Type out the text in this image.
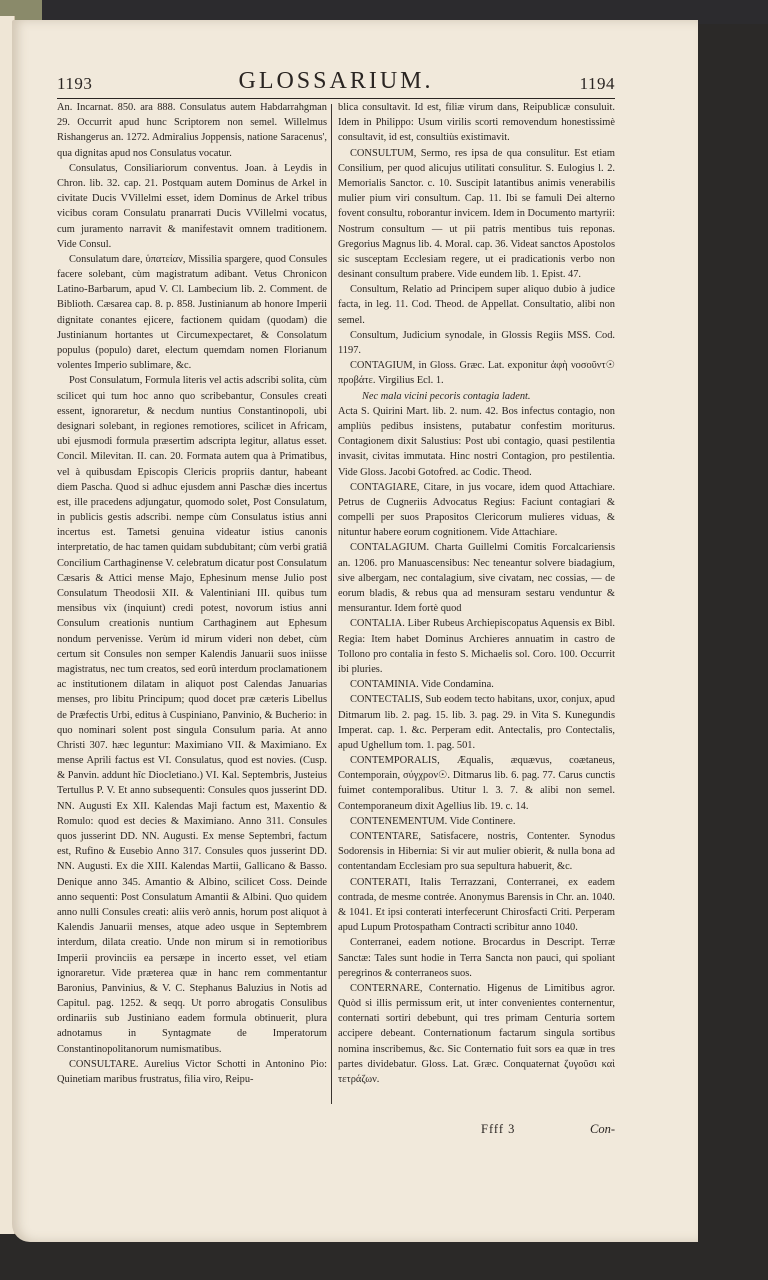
1193	GLOSSARIUM.	1194

An. Incarnat. 850. ara 888. Consulatus autem Habdarrahgman 29. Occurrit apud hunc Scriptorem non semel. Willelmus Rishangerus an. 1272. Admiralius Joppensis, natione Saracenus', qua dignitas apud nos Consulatus vocatur.

Consulatus, Consiliariorum conventus. Joan. à Leydis in Chron. lib. 32. cap. 21. Postquam autem Dominus de Arkel in civitate Ducis VVillelmi esset, idem Dominus de Arkel tribus vicibus coram Consulatu pranarrati Ducis VVillelmi vocatus, cum juramento narravit & manifestavit omnem traditionem. Vide Consul.

Consulatum dare, ὑπατείαν, Missilia spargere, quod Consules facere solebant, cùm magistratum adibant. Vetus Chronicon Latino-Barbarum, apud V. Cl. Lambecium lib. 2. Comment. de Biblioth. Cæsarea cap. 8. p. 858. Justinianum ab honore Imperii dignitate conantes ejicere, factionem quidam (quodam) die Justinianum hortantes ut Circumexpectaret, & Consolatum populus (populo) daret, electum quemdam nomen Florianum volentes Imperio sublimare, &c.

Post Consulatum, Formula literis vel actis adscribi solita, cùm scilicet qui tum hoc anno quo scribebantur, Consules creati essent, ignoraretur, & necdum nuntius Constantinopoli, ubi designari solebant, in regiones remotiores, scilicet in Africam, ubi ejusmodi formula præsertim adscripta legitur, allatus esset. Concil. Milevitan. II. can. 20. Formata autem qua à Primatibus, vel à quibusdam Episcopis Clericis propriis dantur, habeant diem Pascha. Quod si adhuc ejusdem anni Paschæ dies incertus est, ille pracedens adjungatur, quomodo solet, Post Consulatum, in publicis gestis adscribi. nempe cùm Consulatus istius anni incertus est. Tametsi genuina videatur istius canonis interpretatio, de hac tamen quidam subdubitant; cùm verbi gratiâ Concilium Carthaginense V. celebratum dicatur post Consulatum Cæsaris & Attici mense Majo, Ephesinum mense Julio post Consulatum Theodosii XII. & Valentiniani III. quibus tum mensibus vix (inquiunt) credi potest, novorum istius anni Consulum creationis nuntium Carthaginem aut Ephesum nondum pervenisse. Verùm id mirum videri non debet, cùm certum sit Consules non semper Kalendis Januarii suos iniisse magistratus, nec tum creatos, sed eorû interdum proclamationem ac institutionem dilatam in aliquot post Calendas Januarias menses, pro libitu Principum; quod docet præ cæteris Libellus de Præfectis Urbi, editus à Cuspiniano, Panvinio, & Bucherio: in quo nominari solent post singula Consulum paria. At anno Christi 307. hæc leguntur: Maximiano VII. & Maximiano. Ex mense Aprili factus est VI. Consulatus, quod est novies. (Cusp. & Panvin. addunt hîc Diocletiano.) VI. Kal. Septembris, Justeius Tertullus P. V. Et anno subsequenti: Consules quos jusserint DD. NN. Augusti Ex XII. Kalendas Maji factum est, Maxentio & Romulo: quod est decies & Maximiano. Anno 311. Consules quos jusserint DD. NN. Augusti. Ex mense Septembri, factum est, Rufino & Eusebio Anno 317. Consules quos jusserint DD. NN. Augusti. Ex die XIII. Kalendas Martii, Gallicano & Basso. Denique anno 345. Amantio & Albino, scilicet Coss. Deinde anno sequenti: Post Consulatum Amantii & Albini. Quo quidem anno nulli Consules creati: aliis verò annis, horum post aliquot à Kalendis Januarii menses, atque adeo usque in Septembrem interdum, dilata creatio. Unde non mirum si in remotioribus Imperii provinciis ea persæpe in incerto esset, vel etiam ignoraretur. Vide præterea quæ in hanc rem commentantur Baronius, Panvinius, & V. C. Stephanus Baluzius in Notis ad Capitul. pag. 1252. & seqq. Ut porro abrogatis Consulibus ordinariis sub Justiniano eadem formula obtinuerit, plura adnotamus in Syntagmate de Imperatorum Constantinopolitanorum numismatibus.

CONSULTARE. Aurelius Victor Schotti in Antonino Pio: Quinetiam maribus frustratus, filia viro, Reipu-

blica consultavit. Id est, filiæ virum dans, Reipublicæ consuluit. Idem in Philippo: Usum virilis scorti removendum honestissimè consultavit, id est, consultiùs existimavit.

CONSULTUM, Sermo, res ipsa de qua consulitur. Est etiam Consilium, per quod alicujus utilitati consulitur. S. Eulogius l. 2. Memorialis Sanctor. c. 10. Suscipit latantibus animis venerabilis mulier pium viri consultum. Cap. 11. Ibi se famuli Dei alterno fovent consultu, roborantur invicem. Idem in Documento martyrii: Nostrum consultum — ut pii patris mentibus tuis reponas. Gregorius Magnus lib. 4. Moral. cap. 36. Videat sanctos Apostolos sic susceptam Ecclesiam regere, ut ei pradicationis verbo non desinant consultum prabere. Vide eundem lib. 1. Epist. 47.

Consultum, Relatio ad Principem super aliquo dubio à judice facta, in leg. 11. Cod. Theod. de Appellat. Consultatio, alibi non semel.

Consultum, Judicium synodale, in Glossis Regiis MSS. Cod. 1197.

CONTAGIUM, in Gloss. Græc. Lat. exponitur ἀφὴ νοσοῦντ☉ προβάτε. Virgilius Ecl. 1.

Nec mala vicini pecoris contagia ladent.

Acta S. Quirini Mart. lib. 2. num. 42. Bos infectus contagio, non ampliùs pedibus insistens, putabatur confestim moriturus. Contagionem dixit Salustius: Post ubi contagio, quasi pestilentia invasit, civitas immutata. Hinc nostri Contagion, pro pestilentia. Vide Gloss. Jacobi Gotofred. ac Codic. Theod.

CONTAGIARE, Citare, in jus vocare, idem quod Attachiare. Petrus de Cugneriis Advocatus Regius: Faciunt contagiari & compelli per suos Prapositos Clericorum mulieres viduas, & nituntur habere eorum cognitionem. Vide Attachiare.

CONTALAGIUM. Charta Guillelmi Comitis Forcalcariensis an. 1206. pro Manuascensibus: Nec teneantur solvere biadagium, sive albergam, nec contalagium, sive civatam, nec cossias, — de eorum bladis, & rebus qua ad mensuram sestaru venduntur & mensurantur. Idem fortè quod

CONTALIA. Liber Rubeus Archiepiscopatus Aquensis ex Bibl. Regia: Item habet Dominus Archieres annuatim in castro de Tollono pro contalia in festo S. Michaelis sol. Coro. 100. Occurrit ibi pluries.

CONTAMINIA. Vide Condamina.

CONTECTALIS, Sub eodem tecto habitans, uxor, conjux, apud Ditmarum lib. 2. pag. 15. lib. 3. pag. 29. in Vita S. Kunegundis Imperat. cap. 1. &c. Perperam edit. Antectalis, pro Contectalis, apud Ughellum tom. 1. pag. 501.

CONTEMPORALIS, Æqualis, æquævus, coætaneus, Contemporain, σύγχρον☉. Ditmarus lib. 6. pag. 77. Carus cunctis fuimet contemporalibus. Utitur l. 3. 7. & alibi non semel. Contemporaneum dixit Agellius lib. 19. c. 14.

CONTENEMENTUM. Vide Continere.

CONTENTARE, Satisfacere, nostris, Contenter. Synodus Sodorensis in Hibernia: Si vir aut mulier obierit, & nulla bona ad contentandam Ecclesiam pro sua sepultura habuerit, &c.

CONTERATI, Italis Terrazzani, Conterranei, ex eadem contrada, de mesme contrée. Anonymus Barensis in Chr. an. 1040. & 1041. Et ipsi conterati interfecerunt Chirosfacti Criti. Perperam apud Lupum Protospatham Contracti scribitur anno 1040.

Conterranei, eadem notione. Brocardus in Descript. Terræ Sanctæ: Tales sunt hodie in Terra Sancta non pauci, qui spoliant peregrinos & conterraneos suos.

CONTERNARE, Conternatio. Higenus de Limitibus agror. Quòd si illis permissum erit, ut inter convenientes conternentur, conternati sortiri debebunt, qui tres primam Centuria sortem accipere debeant. Conternationum factarum singula sortibus nomina inscribemus, &c. Sic Conternatio fuit sors ea quæ in tres partes dividebatur. Gloss. Lat. Græc. Conquaternat ζυγοῦσι καὶ τετράζων.

Ffff 3	Con-
